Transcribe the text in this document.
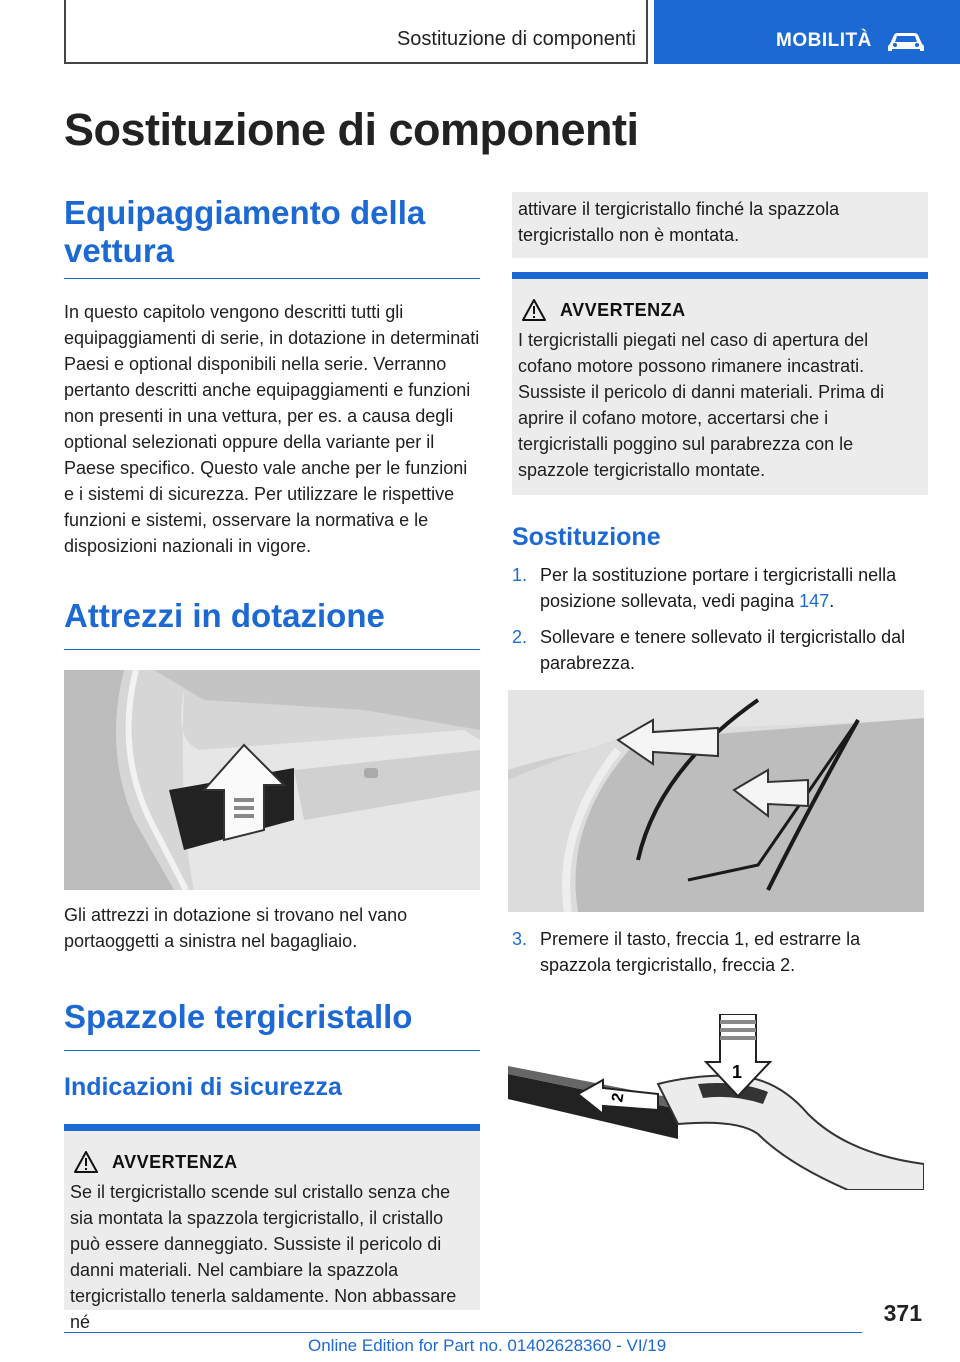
Sostituzione di componenti	MOBILITÀ
Sostituzione di componenti
Equipaggiamento della vettura

In questo capitolo vengono descritti tutti gli equipaggiamenti di serie, in dotazione in determinati Paesi e optional disponibili nella serie. Verranno pertanto descritti anche equipaggiamenti e funzioni non presenti in una vettura, per es. a causa degli optional selezionati oppure della variante per il Paese specifico. Questo vale anche per le funzioni e i sistemi di sicurezza. Per utilizzare le rispettive funzioni e sistemi, osservare la normativa e le disposizioni nazionali in vigore.

Attrezzi in dotazione

Gli attrezzi in dotazione si trovano nel vano portaoggetti a sinistra nel bagagliaio.

Spazzole tergicristallo
Indicazioni di sicurezza
AVVERTENZA
Se il tergicristallo scende sul cristallo senza che sia montata la spazzola tergicristallo, il cristallo può essere danneggiato. Sussiste il pericolo di danni materiali. Nel cambiare la spazzola tergicristallo tenerla saldamente. Non abbassare né
attivare il tergicristallo finché la spazzola tergicristallo non è montata.
AVVERTENZA
I tergicristalli piegati nel caso di apertura del cofano motore possono rimanere incastrati. Sussiste il pericolo di danni materiali. Prima di aprire il cofano motore, accertarsi che i tergicristalli poggino sul parabrezza con le spazzole tergicristallo montate.
Sostituzione
1. Per la sostituzione portare i tergicristalli nella posizione sollevata, vedi pagina 147.
2. Sollevare e tenere sollevato il tergicristallo dal parabrezza.
3. Premere il tasto, freccia 1, ed estrarre la spazzola tergicristallo, freccia 2.
2
1
371
Online Edition for Part no. 01402628360 - VI/19
